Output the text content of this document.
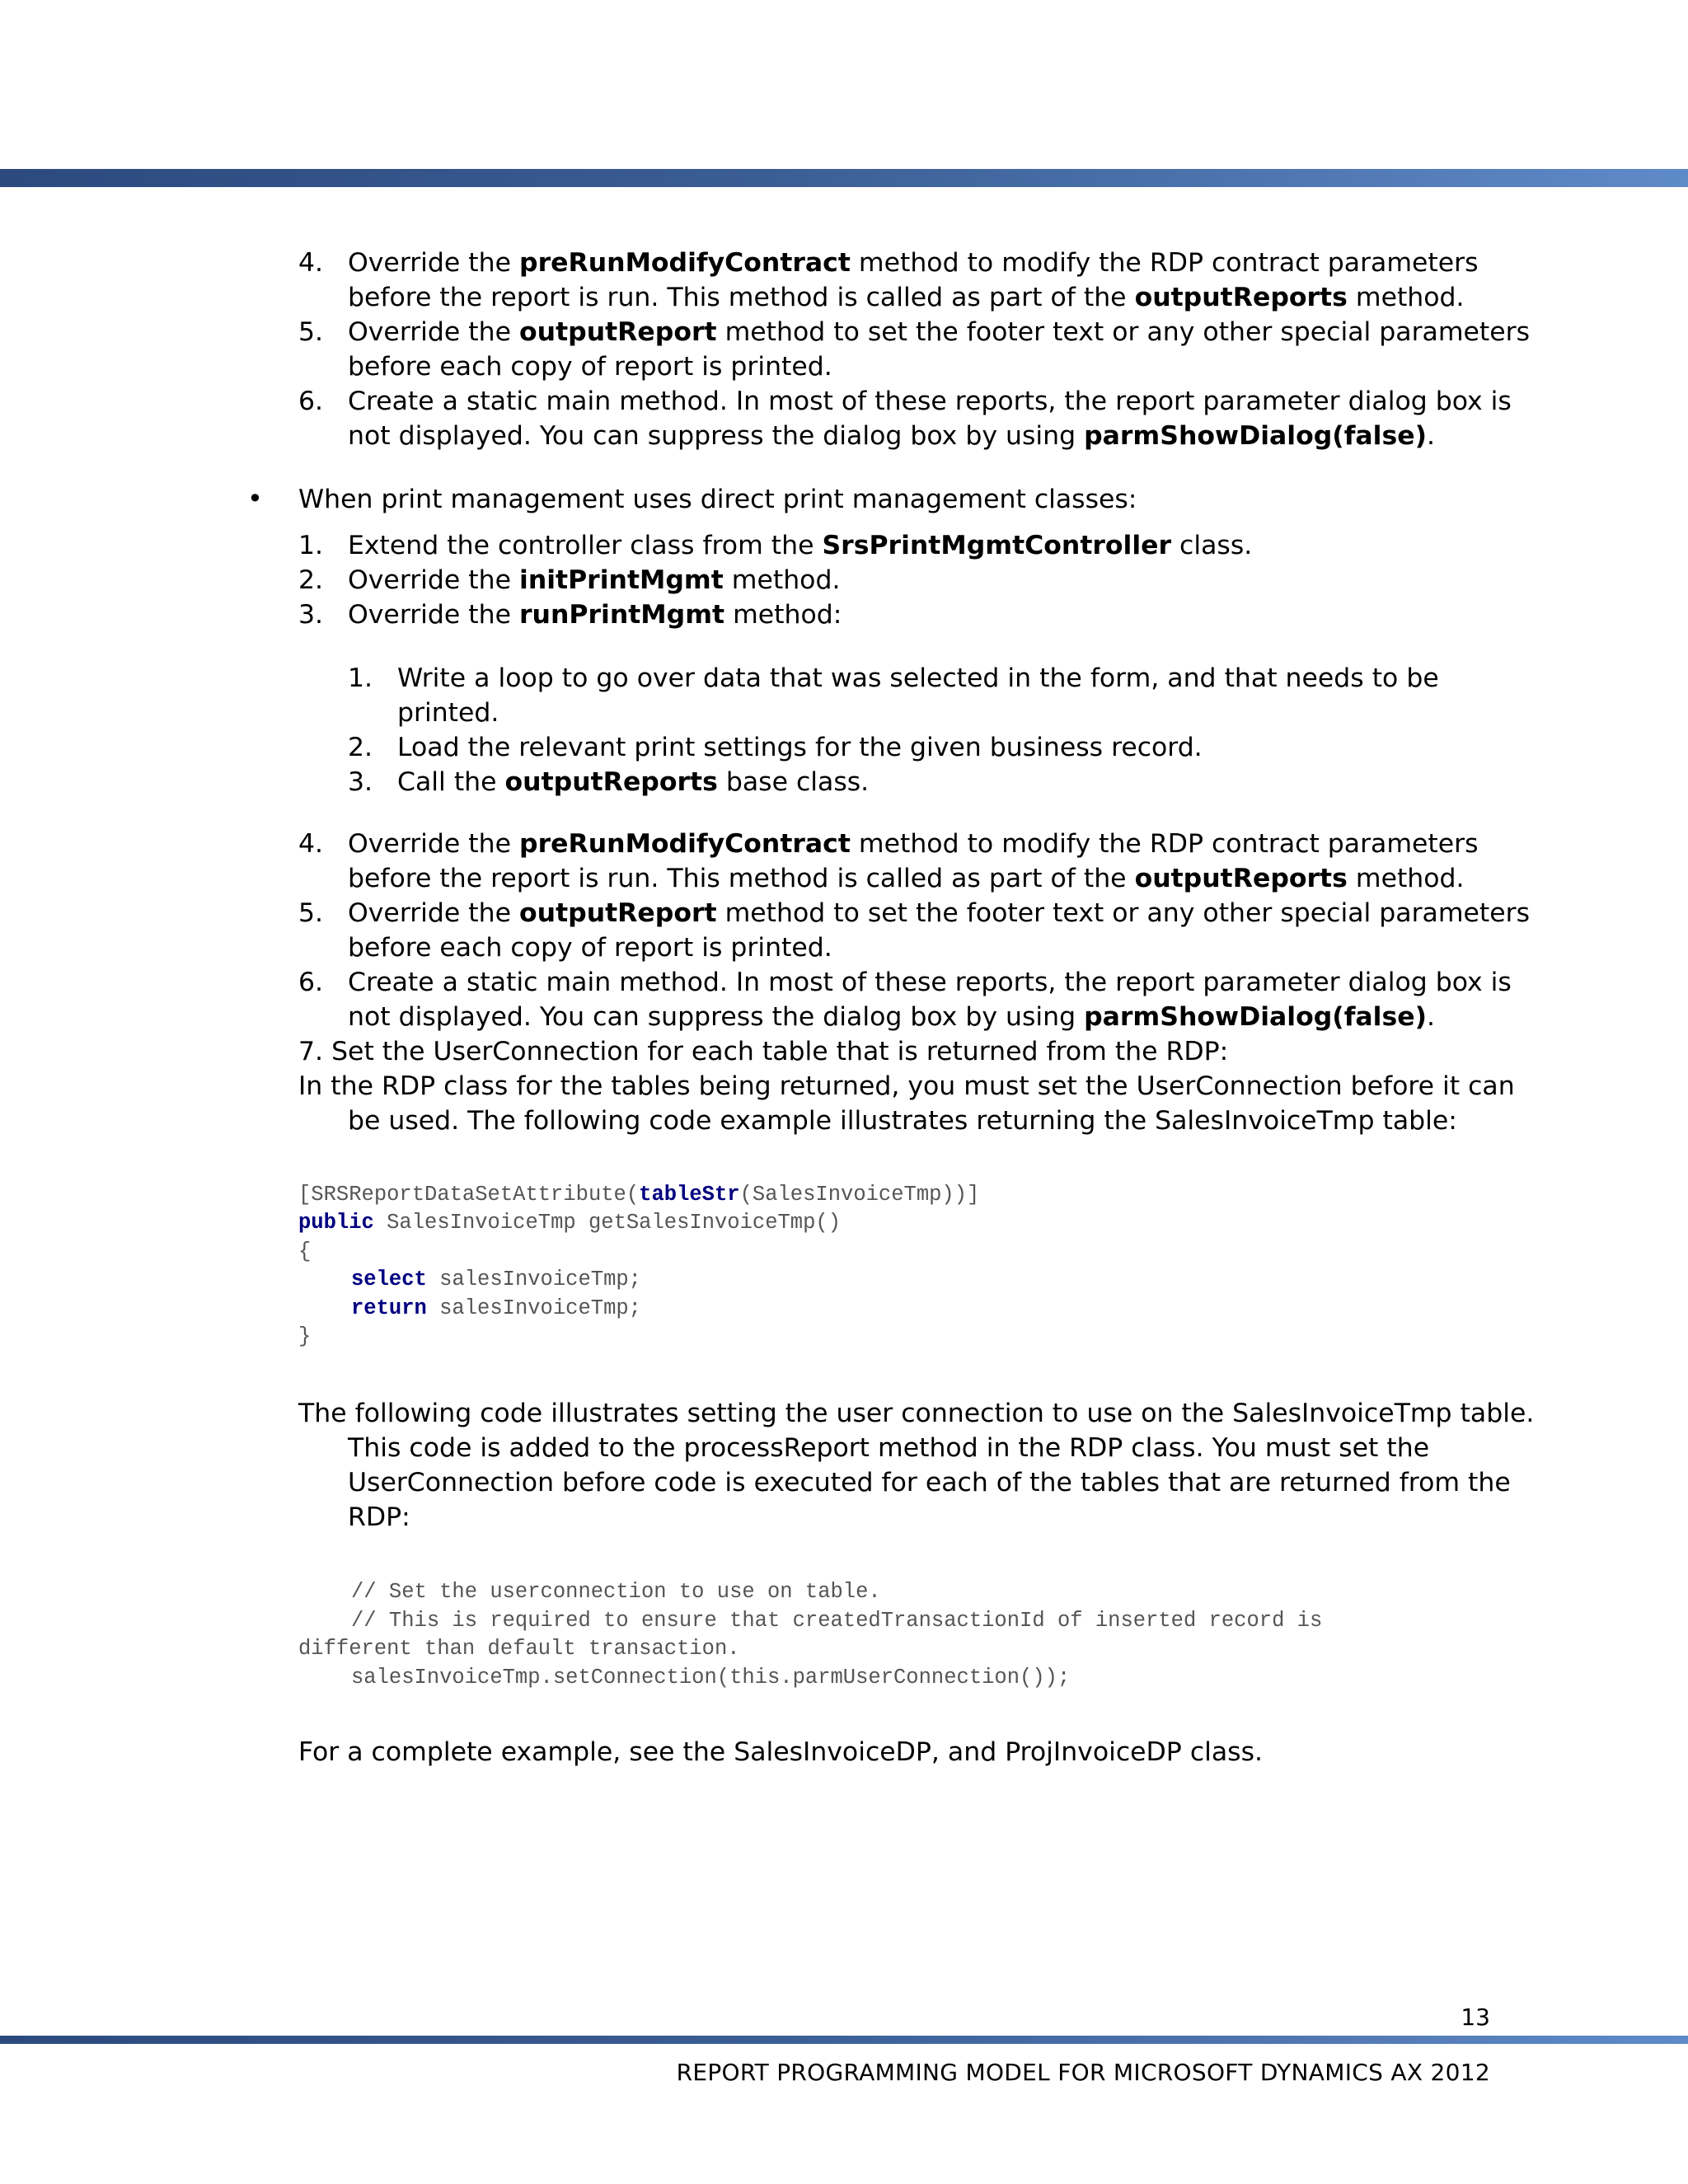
4. Override the preRunModifyContract method to modify the RDP contract parameters
before the report is run. This method is called as part of the outputReports method.
5. Override the outputReport method to set the footer text or any other special parameters
before each copy of report is printed.
6. Create a static main method. In most of these reports, the report parameter dialog box is
not displayed. You can suppress the dialog box by using parmShowDialog(false).
• When print management uses direct print management classes:
1. Extend the controller class from the SrsPrintMgmtController class.
2. Override the initPrintMgmt method.
3. Override the runPrintMgmt method:
1. Write a loop to go over data that was selected in the form, and that needs to be
printed.
2. Load the relevant print settings for the given business record.
3. Call the outputReports base class.
4. Override the preRunModifyContract method to modify the RDP contract parameters
before the report is run. This method is called as part of the outputReports method.
5. Override the outputReport method to set the footer text or any other special parameters
before each copy of report is printed.
6. Create a static main method. In most of these reports, the report parameter dialog box is
not displayed. You can suppress the dialog box by using parmShowDialog(false).
7. Set the UserConnection for each table that is returned from the RDP:
In the RDP class for the tables being returned, you must set the UserConnection before it can
be used. The following code example illustrates returning the SalesInvoiceTmp table:
[SRSReportDataSetAttribute(tableStr(SalesInvoiceTmp))]
public SalesInvoiceTmp getSalesInvoiceTmp()
{
select salesInvoiceTmp;
return salesInvoiceTmp;
}
The following code illustrates setting the user connection to use on the SalesInvoiceTmp table.
This code is added to the processReport method in the RDP class. You must set the
UserConnection before code is executed for each of the tables that are returned from the
RDP:
// Set the userconnection to use on table.
// This is required to ensure that createdTransactionId of inserted record is
different than default transaction.
salesInvoiceTmp.setConnection(this.parmUserConnection());
For a complete example, see the SalesInvoiceDP, and ProjInvoiceDP class.
13
REPORT PROGRAMMING MODEL FOR MICROSOFT DYNAMICS AX 2012
